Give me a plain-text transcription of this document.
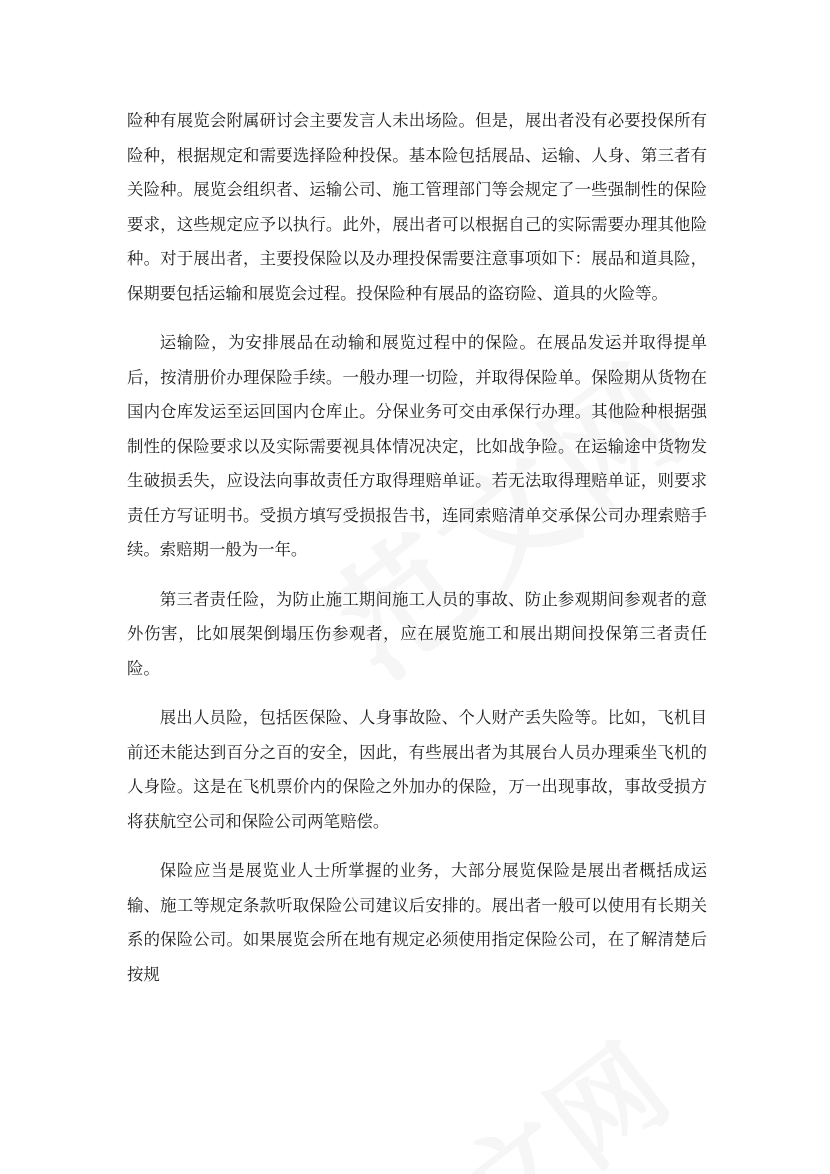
险种有展览会附属研讨会主要发言人未出场险。但是，展出者没有必要投保所有险种，根据规定和需要选择险种投保。基本险包括展品、运输、人身、第三者有关险种。展览会组织者、运输公司、施工管理部门等会规定了一些强制性的保险要求，这些规定应予以执行。此外，展出者可以根据自己的实际需要办理其他险种。对于展出者，主要投保险以及办理投保需要注意事项如下：展品和道具险，保期要包括运输和展览会过程。投保险种有展品的盗窃险、道具的火险等。

运输险，为安排展品在动输和展览过程中的保险。在展品发运并取得提单后，按清册价办理保险手续。一般办理一切险，并取得保险单。保险期从货物在国内仓库发运至运回国内仓库止。分保业务可交由承保行办理。其他险种根据强制性的保险要求以及实际需要视具体情况决定，比如战争险。在运输途中货物发生破损丢失，应设法向事故责任方取得理赔单证。若无法取得理赔单证，则要求责任方写证明书。受损方填写受损报告书，连同索赔清单交承保公司办理索赔手续。索赔期一般为一年。

第三者责任险，为防止施工期间施工人员的事故、防止参观期间参观者的意外伤害，比如展架倒塌压伤参观者，应在展览施工和展出期间投保第三者责任险。

展出人员险，包括医保险、人身事故险、个人财产丢失险等。比如，飞机目前还未能达到百分之百的安全，因此，有些展出者为其展台人员办理乘坐飞机的人身险。这是在飞机票价内的保险之外加办的保险，万一出现事故，事故受损方将获航空公司和保险公司两笔赔偿。

保险应当是展览业人士所掌握的业务，大部分展览保险是展出者概括成运输、施工等规定条款听取保险公司建议后安排的。展出者一般可以使用有长期关系的保险公司。如果展览会所在地有规定必须使用指定保险公司，在了解清楚后按规
